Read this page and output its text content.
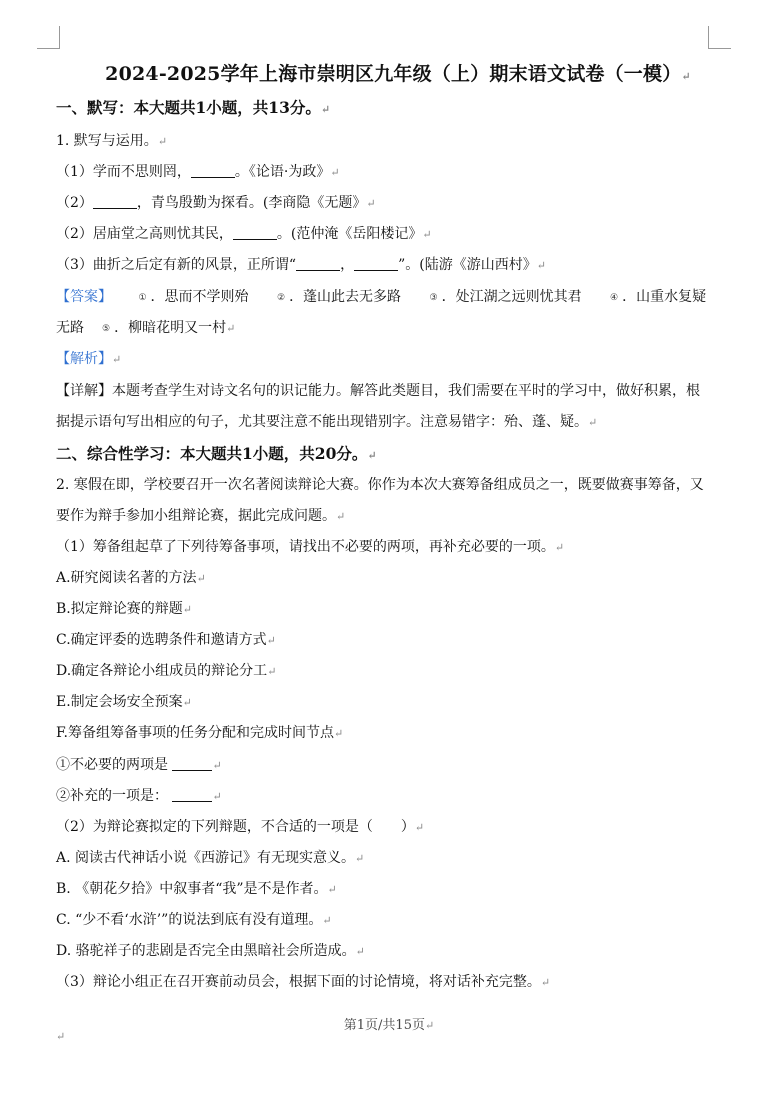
2024-2025学年上海市崇明区九年级（上）期末语文试卷（一模）↵
一、默写：本大题共1小题，共13分。↵
1. 默写与运用。↵
（1）学而不思则罔，	。《论语·为政》↵
（2）	，青鸟殷勤为探看。(李商隐《无题》↵
（2）居庙堂之高则忧其民，	。(范仲淹《岳阳楼记》↵
（3）曲折之后定有新的风景，正所谓“	，	”。(陆游《游山西村》↵
【答案】	① ．思而不学则殆	② ．蓬山此去无多路	③ ．处江湖之远则忧其君	④ ．山重水复疑
无路 ⑤ ．柳暗花明又一村↵
【解析】↵
【详解】本题考查学生对诗文名句的识记能力。解答此类题目，我们需要在平时的学习中，做好积累，根
据提示语句写出相应的句子，尤其要注意不能出现错别字。注意易错字：殆、蓬、疑。↵
二、综合性学习：本大题共1小题，共20分。↵
2. 寒假在即，学校要召开一次名著阅读辩论大赛。你作为本次大赛筹备组成员之一，既要做赛事筹备，又
要作为辩手参加小组辩论赛，据此完成问题。↵
（1）筹备组起草了下列待筹备事项，请找出不必要的两项，再补充必要的一项。↵
A.研究阅读名著的方法↵
B.拟定辩论赛的辩题↵
C.确定评委的选聘条件和邀请方式↵
D.确定各辩论小组成员的辩论分工↵
E.制定会场安全预案↵
F.筹备组筹备事项的任务分配和完成时间节点↵
①不必要的两项是	↵
②补充的一项是：	↵
（2）为辩论赛拟定的下列辩题，不合适的一项是（　　）↵
A. 阅读古代神话小说《西游记》有无现实意义。↵
B. 《朝花夕拾》中叙事者“我”是不是作者。↵
C. “少不看‘水浒’”的说法到底有没有道理。↵
D. 骆驼祥子的悲剧是否完全由黑暗社会所造成。↵
（3）辩论小组正在召开赛前动员会，根据下面的讨论情境，将对话补充完整。↵
第1页/共15页↵
↵
